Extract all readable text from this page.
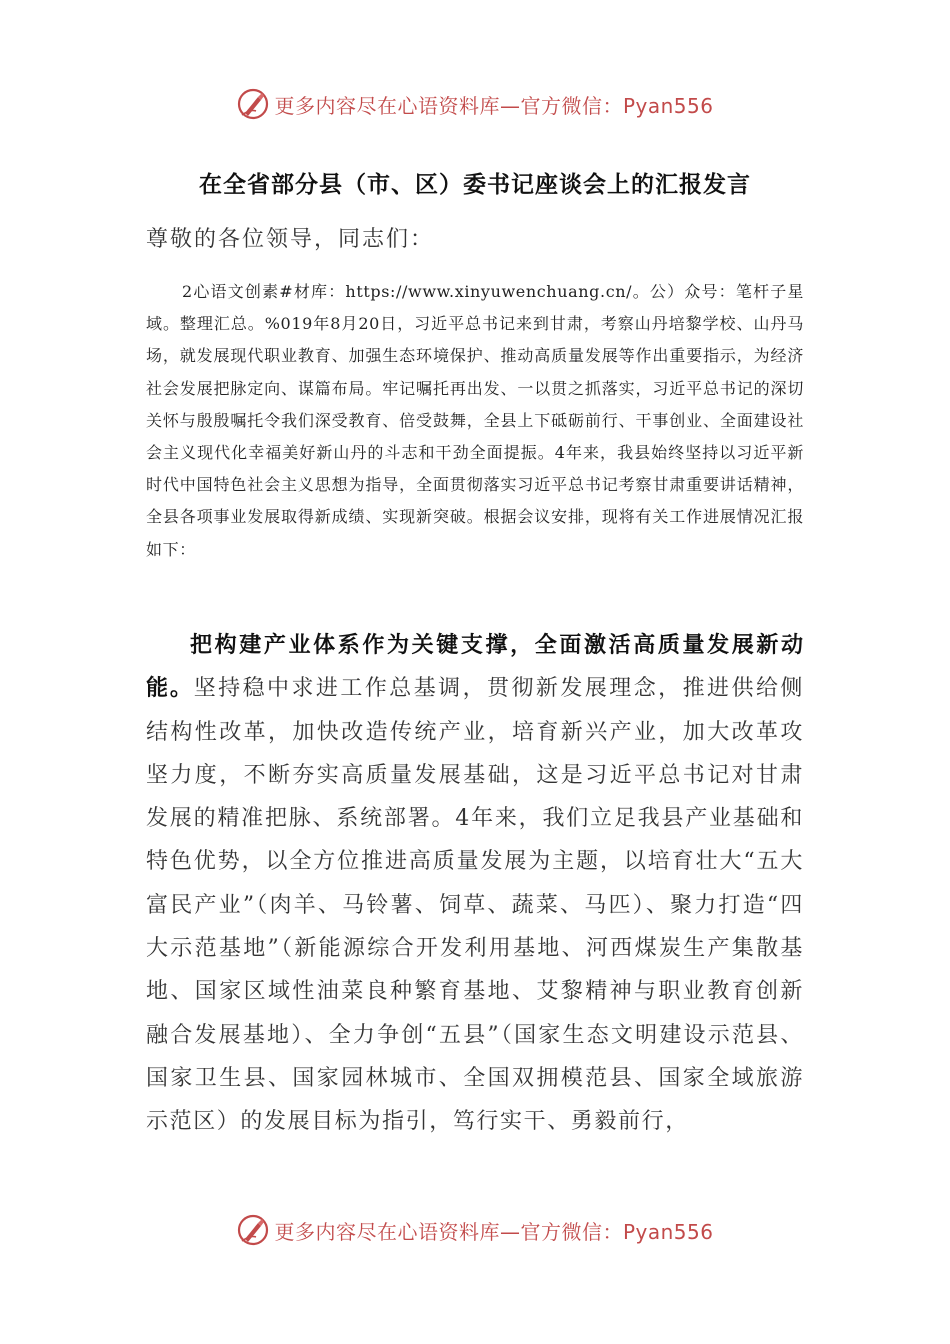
更多内容尽在心语资料库—官方微信：Pyan556
在全省部分县（市、区）委书记座谈会上的汇报发言
尊敬的各位领导，同志们：
2心语文创素#材库：https://www.xinyuwenchuang.cn/。公）众号：笔杆子星域。整理汇总。%019年8月20日，习近平总书记来到甘肃，考察山丹培黎学校、山丹马场，就发展现代职业教育、加强生态环境保护、推动高质量发展等作出重要指示，为经济社会发展把脉定向、谋篇布局。牢记嘱托再出发、一以贯之抓落实，习近平总书记的深切关怀与殷殷嘱托令我们深受教育、倍受鼓舞，全县上下砥砺前行、干事创业、全面建设社会主义现代化幸福美好新山丹的斗志和干劲全面提振。4年来，我县始终坚持以习近平新时代中国特色社会主义思想为指导，全面贯彻落实习近平总书记考察甘肃重要讲话精神，全县各项事业发展取得新成绩、实现新突破。根据会议安排，现将有关工作进展情况汇报如下：
把构建产业体系作为关键支撑，全面激活高质量发展新动能。坚持稳中求进工作总基调，贯彻新发展理念，推进供给侧结构性改革，加快改造传统产业，培育新兴产业，加大改革攻坚力度，不断夯实高质量发展基础，这是习近平总书记对甘肃发展的精准把脉、系统部署。4年来，我们立足我县产业基础和特色优势，以全方位推进高质量发展为主题，以培育壮大“五大富民产业”（肉羊、马铃薯、饲草、蔬菜、马匹）、聚力打造“四大示范基地”（新能源综合开发利用基地、河西煤炭生产集散基地、国家区域性油菜良种繁育基地、艾黎精神与职业教育创新融合发展基地）、全力争创“五县”（国家生态文明建设示范县、国家卫生县、国家园林城市、全国双拥模范县、国家全域旅游示范区）的发展目标为指引，笃行实干、勇毅前行，
更多内容尽在心语资料库—官方微信：Pyan556
